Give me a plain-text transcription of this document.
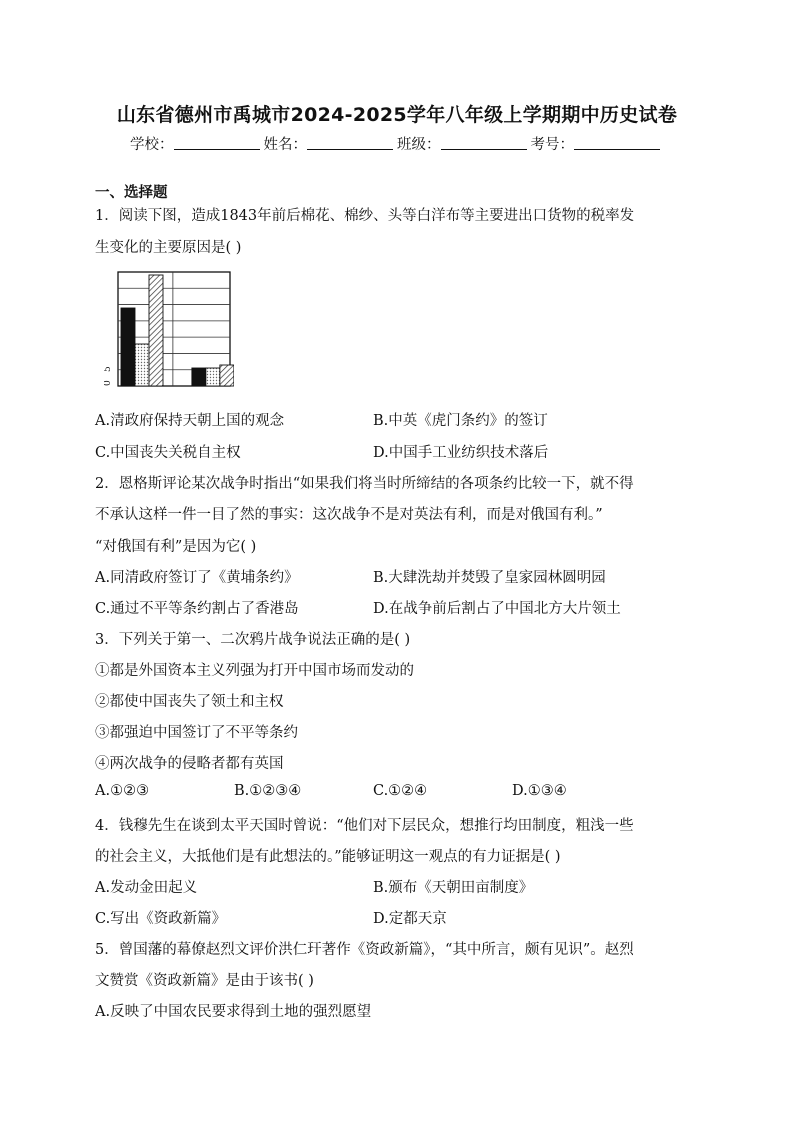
山东省德州市禹城市2024-2025学年八年级上学期期中历史试卷
学校：	姓名：	班级：	考号：
一、选择题
1．阅读下图，造成1843年前后棉花、棉纱、头等白洋布等主要进出口货物的税率发
生变化的主要原因是( )
5
0
A.清政府保持天朝上国的观念	B.中英《虎门条约》的签订
C.中国丧失关税自主权	D.中国手工业纺织技术落后
2．恩格斯评论某次战争时指出“如果我们将当时所缔结的各项条约比较一下，就不得
不承认这样一件一目了然的事实：这次战争不是对英法有利，而是对俄国有利。”
“对俄国有利”是因为它( )
A.同清政府签订了《黄埔条约》	B.大肆洗劫并焚毁了皇家园林圆明园
C.通过不平等条约割占了香港岛	D.在战争前后割占了中国北方大片领土
3．下列关于第一、二次鸦片战争说法正确的是( )
①都是外国资本主义列强为打开中国市场而发动的
②都使中国丧失了领土和主权
③都强迫中国签订了不平等条约
④两次战争的侵略者都有英国
A.①②③	B.①②③④	C.①②④	D.①③④
4．钱穆先生在谈到太平天国时曾说：“他们对下层民众，想推行均田制度，粗浅一些
的社会主义，大抵他们是有此想法的。”能够证明这一观点的有力证据是( )
A.发动金田起义	B.颁布《天朝田亩制度》
C.写出《资政新篇》	D.定都天京
5．曾国藩的幕僚赵烈文评价洪仁玕著作《资政新篇》，“其中所言，颇有见识”。赵烈
文赞赏《资政新篇》是由于该书( )
A.反映了中国农民要求得到土地的强烈愿望
